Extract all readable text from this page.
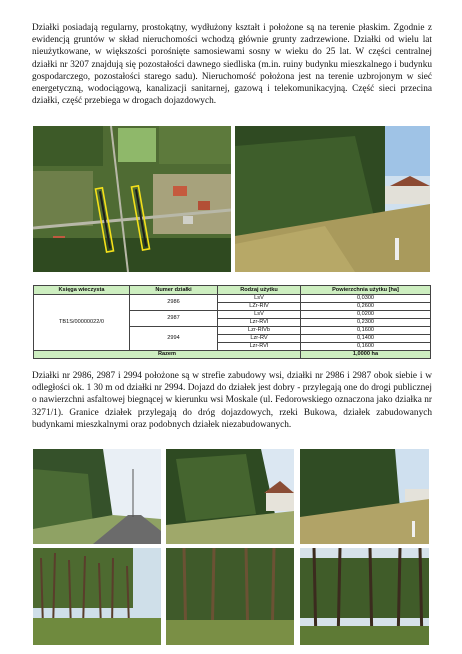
Działki posiadają regularny, prostokątny, wydłużony kształt i położone są na terenie płaskim. Zgodnie z ewidencją gruntów w skład nieruchomości wchodzą głównie grunty zadrzewione. Działki od wielu lat nieużytkowane, w większości porośnięte samosiewami sosny w wieku do 25 lat. W części centralnej działki nr 3207 znajdują się pozostałości dawnego siedliska (m.in. ruiny budynku mieszkalnego i budynku gospodarczego, pozostałości starego sadu). Nieruchomość położona jest na terenie uzbrojonym w sieć energetyczną, wodociągową, kanalizacji sanitarnej, gazową i telekomunikacyjną. Część sieci przecina działki, część przebiega w drogach dojazdowych.

Księga wieczysta	Numer działki	Rodzaj użytku	Powierzchnia użytku [ha]
TB1S/00000022/0	2986	LsV	0,0300
		LZr-RIV	0,2600
	2987	LsV	0,0200
		Lzr-RVI	0,2300
	2994	Lzr-RIVb	0,1600
		Lzr-RV	0,1400
		Lzr-RVI	0,1600
Razem			1,0000 ha

Działki nr 2986, 2987 i 2994 położone są w strefie zabudowy wsi, działki nr 2986 i 2987 obok siebie i w odległości ok. 1 30 m od działki nr 2994. Dojazd do działek jest dobry - przylegają one do drogi publicznej o nawierzchni asfaltowej biegnącej w kierunku wsi Moskale (ul. Fedorowskiego oznaczona jako działka nr 3271/1). Granice działek przylegają do dróg dojazdowych, rzeki Bukowa, działek zabudowanych budynkami mieszkalnymi oraz podobnych działek niezabudowanych.
